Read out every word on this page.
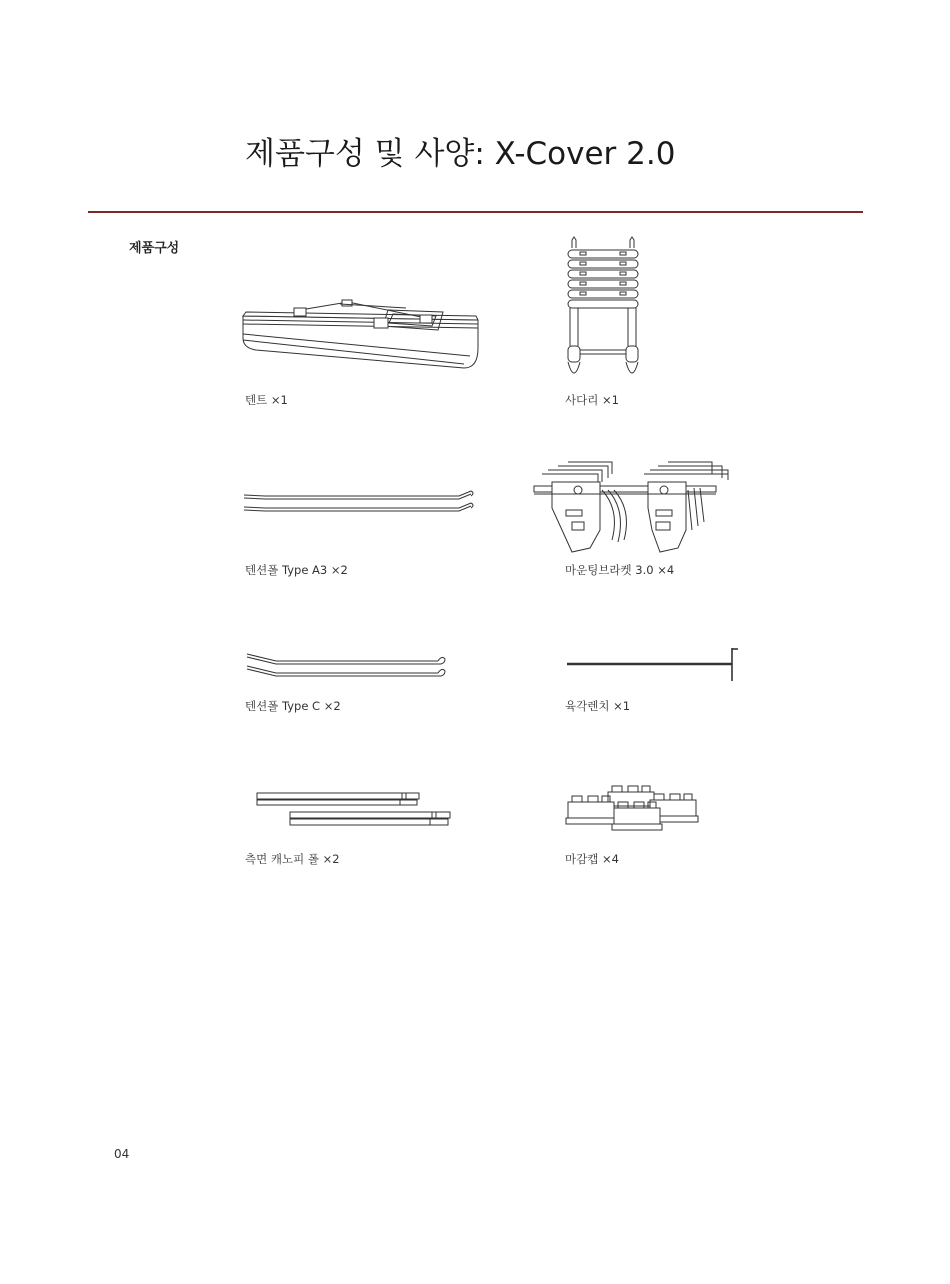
제품구성 및 사양: X-Cover 2.0
제품구성
텐트 ×1	사다리 ×1
텐션폴 Type A3 ×2	마운팅브라켓 3.0 ×4
텐션폴 Type C ×2	육각렌치 ×1
측면 캐노피 폴 ×2	마감캡 ×4
04
